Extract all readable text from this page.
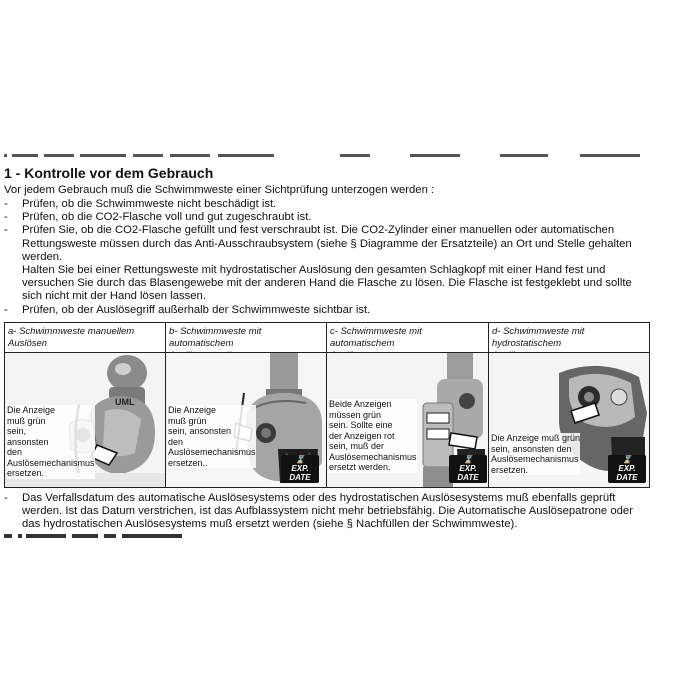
1 - Kontrolle vor dem Gebrauch
Vor jedem Gebrauch muß die Schwimmweste einer Sichtprüfung unterzogen werden :
- Prüfen, ob die Schwimmweste nicht beschädigt ist.
- Prüfen, ob die CO2-Flasche voll und gut zugeschraubt ist.
- Prüfen Sie, ob die CO2-Flasche gefüllt und fest verschraubt ist. Die CO2-Zylinder einer manuellen oder automatischen
Rettungsweste müssen durch das Anti-Ausschraubsystem (siehe § Diagramme der Ersatzteile) an Ort und Stelle gehalten
werden.
Halten Sie bei einer Rettungsweste mit hydrostatischer Auslösung den gesamten Schlagkopf mit einer Hand fest und
versuchen Sie durch das Blasengewebe mit der anderen Hand die Flasche zu lösen. Die Flasche ist festgeklebt und sollte
sich nicht mit der Hand lösen lassen.
- Prüfen, ob der Auslösegriff außerhalb der Schwimmweste sichtbar ist.
a- Schwimmweste manuellem
Auslösen
UML
Die Anzeige
muß grün
sein,
ansonsten
den
Auslösemechanismus
ersetzen.
b- Schwimmweste mit automatischem
Die Anzeige
muß grün
sein, ansonsten
den
Auslösemechanismus
ersetzen..	⌛
EXP.
DATE
c- Schwimmweste mit automatischem
Beide Anzeigen
müssen grün
sein. Sollte eine
der Anzeigen rot
sein, muß der
Auslösemechanismus
ersetzt werden.
⌛
EXP.
DATE
d- Schwimmweste mit hydrostatischem
Die Anzeige muß grün
sein, ansonsten den
Auslösemechanismus
ersetzen.
⌛
EXP.
DATE
- Das Verfallsdatum des automatische Auslösesystems oder des hydrostatischen Auslösesystems muß ebenfalls geprüft
werden. Ist das Datum verstrichen, ist das Aufblassystem nicht mehr betriebsfähig. Die Automatische Auslösepatrone oder
das hydrostatischen Auslösesystems muß ersetzt werden (siehe § Nachfüllen der Schwimmweste).
